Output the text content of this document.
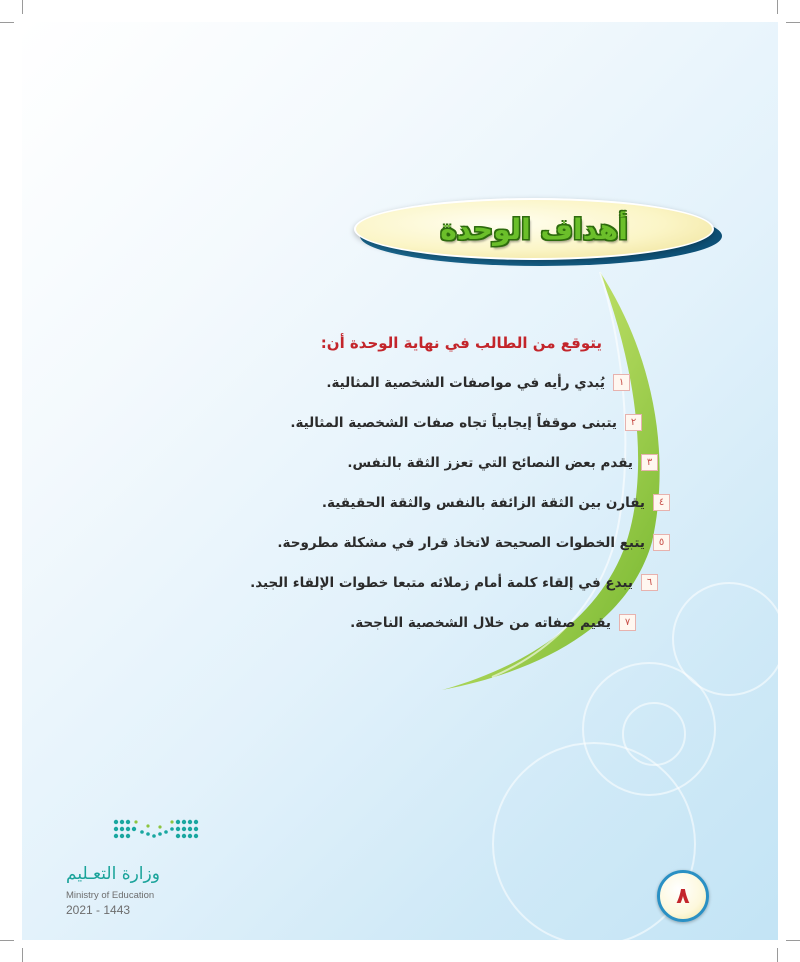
أهداف الوحدة
يتوقع من الطالب في نهاية الوحدة أن:
١
يُبدي رأيه في مواصفات الشخصية المثالية.
٢
يتبنى موقفاً إيجابياً تجاه صفات الشخصية المثالية.
٣
يقدم بعض النصائح التي تعزز الثقة بالنفس.
٤
يقارن بين الثقة الزائفة بالنفس والثقة الحقيقية.
٥
يتبع الخطوات الصحيحة لاتخاذ قرار في مشكلة مطروحة.
٦
يبدع في إلقاء كلمة أمام زملائه متبعا خطوات الإلقاء الجيد.
٧
يقيم صفاته من خلال الشخصية الناجحة.
وزارة التعـليم
Ministry of Education
2021 - 1443
٨
